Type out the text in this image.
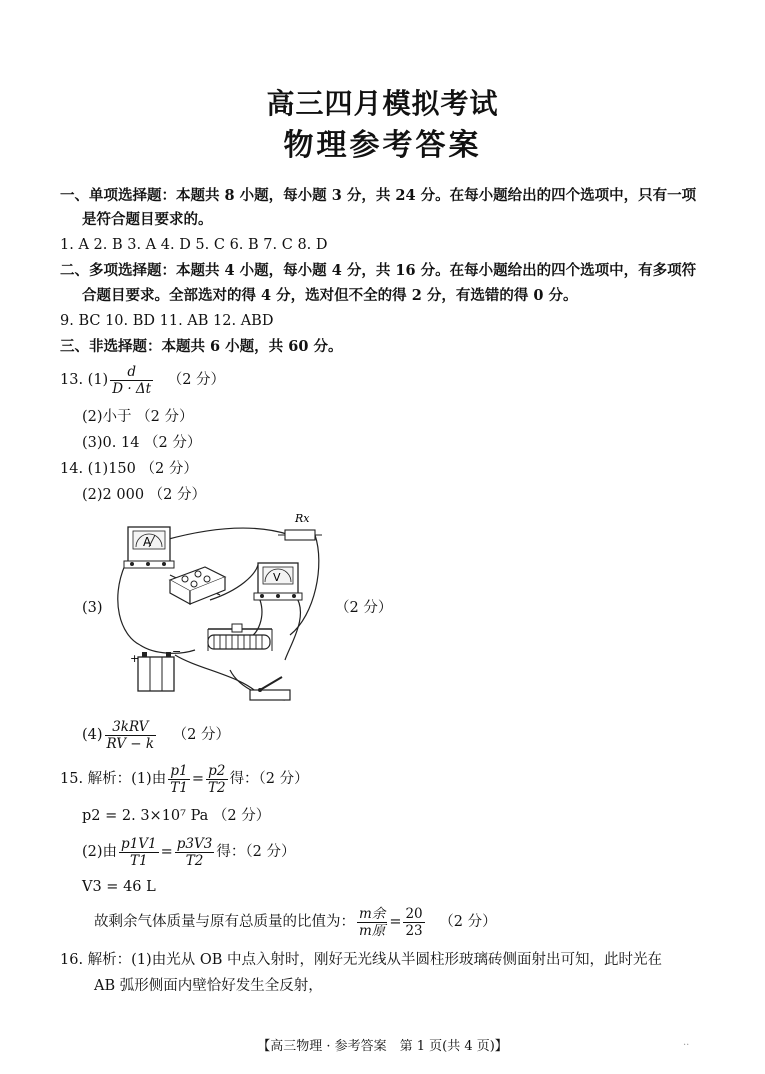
高三四月模拟考试
物理参考答案
一、单项选择题：本题共 8 小题，每小题 3 分，共 24 分。在每小题给出的四个选项中，只有一项
是符合题目要求的。
1. A 2. B 3. A 4. D 5. C 6. B 7. C 8. D
二、多项选择题：本题共 4 小题，每小题 4 分，共 16 分。在每小题给出的四个选项中，有多项符
合题目要求。全部选对的得 4 分，选对但不全的得 2 分，有选错的得 0 分。
9. BC 10. BD 11. AB 12. ABD
三、非选择题：本题共 6 小题，共 60 分。
13. $(1) \frac{d}{D \cdot \Delta t} (2$ 分）
(2)小于 （2 分）
(3)0. 14 （2 分）
14. (1)150 （2 分）
(2)2 000 （2 分）
(3)	（2 分）
A
V
Rx
+
−
$(4) \frac{\text{3kRV}}{RV - k} (2$ 分）
15. 解析：(1)由 $\frac{p1}{T1} = \frac{p2}{T2}$ 得：（2 分）
p2 = 2. 3×10⁷ Pa （2 分）
(2)由 $\frac{p1V1}{T1} = \frac{p3V3}{T2}$ 得：（2 分）
V3 = 46 L
故剩余气体质量与原有总质量的比值为： $\frac{\text{m余}}{\text{m原}} = \frac{20}{23} (2$ 分）
16. 解析：(1)由光从 OB 中点入射时，刚好无光线从半圆柱形玻璃砖侧面射出可知，此时光在
AB 弧形侧面内壁恰好发生全反射，
【高三物理 · 参考答案　第 1 页(共 4 页)】	..
